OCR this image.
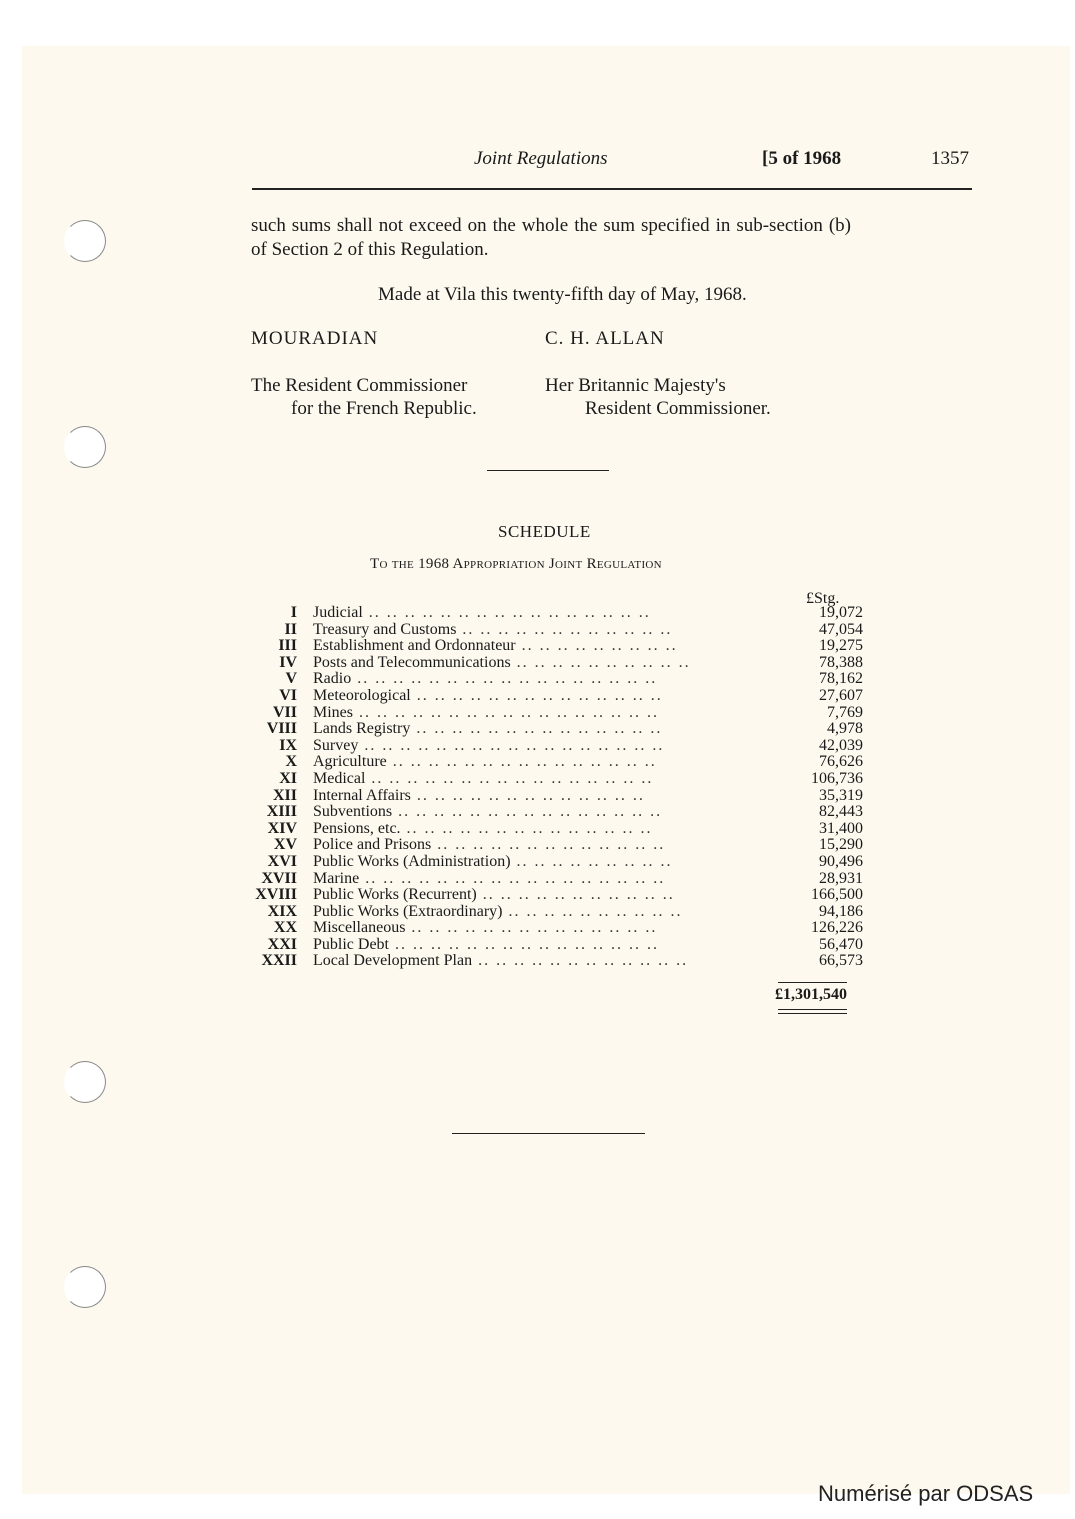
Joint Regulations	[5 of 1968	1357
such sums shall not exceed on the whole the sum specified in sub-section (b) of Section 2 of this Regulation.
Made at Vila this twenty-fifth day of May, 1968.
MOURADIAN	C. H. ALLAN
The Resident Commissioner
for the French Republic.
Her Britannic Majesty's
Resident Commissioner.
SCHEDULE
To the 1968 Appropriation Joint Regulation
£Stg.
I	Judicial .. .. .. .. .. .. .. .. .. .. .. .. .. .. .. ..	19,072
II	Treasury and Customs .. .. .. .. .. .. .. .. .. .. .. ..	47,054
III	Establishment and Ordonnateur .. .. .. .. .. .. .. .. ..	19,275
IV	Posts and Telecommunications .. .. .. .. .. .. .. .. .. ..	78,388
V	Radio .. .. .. .. .. .. .. .. .. .. .. .. .. .. .. .. ..	78,162
VI	Meteorological .. .. .. .. .. .. .. .. .. .. .. .. .. ..	27,607
VII	Mines .. .. .. .. .. .. .. .. .. .. .. .. .. .. .. .. ..	7,769
VIII	Lands Registry .. .. .. .. .. .. .. .. .. .. .. .. .. ..	4,978
IX	Survey .. .. .. .. .. .. .. .. .. .. .. .. .. .. .. .. ..	42,039
X	Agriculture .. .. .. .. .. .. .. .. .. .. .. .. .. .. ..	76,626
XI	Medical .. .. .. .. .. .. .. .. .. .. .. .. .. .. .. ..	106,736
XII	Internal Affairs .. .. .. .. .. .. .. .. .. .. .. .. ..	35,319
XIII	Subventions .. .. .. .. .. .. .. .. .. .. .. .. .. .. ..	82,443
XIV	Pensions, etc. .. .. .. .. .. .. .. .. .. .. .. .. .. ..	31,400
XV	Police and Prisons .. .. .. .. .. .. .. .. .. .. .. .. ..	15,290
XVI	Public Works (Administration) .. .. .. .. .. .. .. .. ..	90,496
XVII	Marine .. .. .. .. .. .. .. .. .. .. .. .. .. .. .. .. ..	28,931
XVIII	Public Works (Recurrent) .. .. .. .. .. .. .. .. .. .. ..	166,500
XIX	Public Works (Extraordinary) .. .. .. .. .. .. .. .. .. ..	94,186
XX	Miscellaneous .. .. .. .. .. .. .. .. .. .. .. .. .. ..	126,226
XXI	Public Debt .. .. .. .. .. .. .. .. .. .. .. .. .. .. ..	56,470
XXII	Local Development Plan .. .. .. .. .. .. .. .. .. .. .. ..	66,573
£1,301,540
Numérisé par ODSAS
